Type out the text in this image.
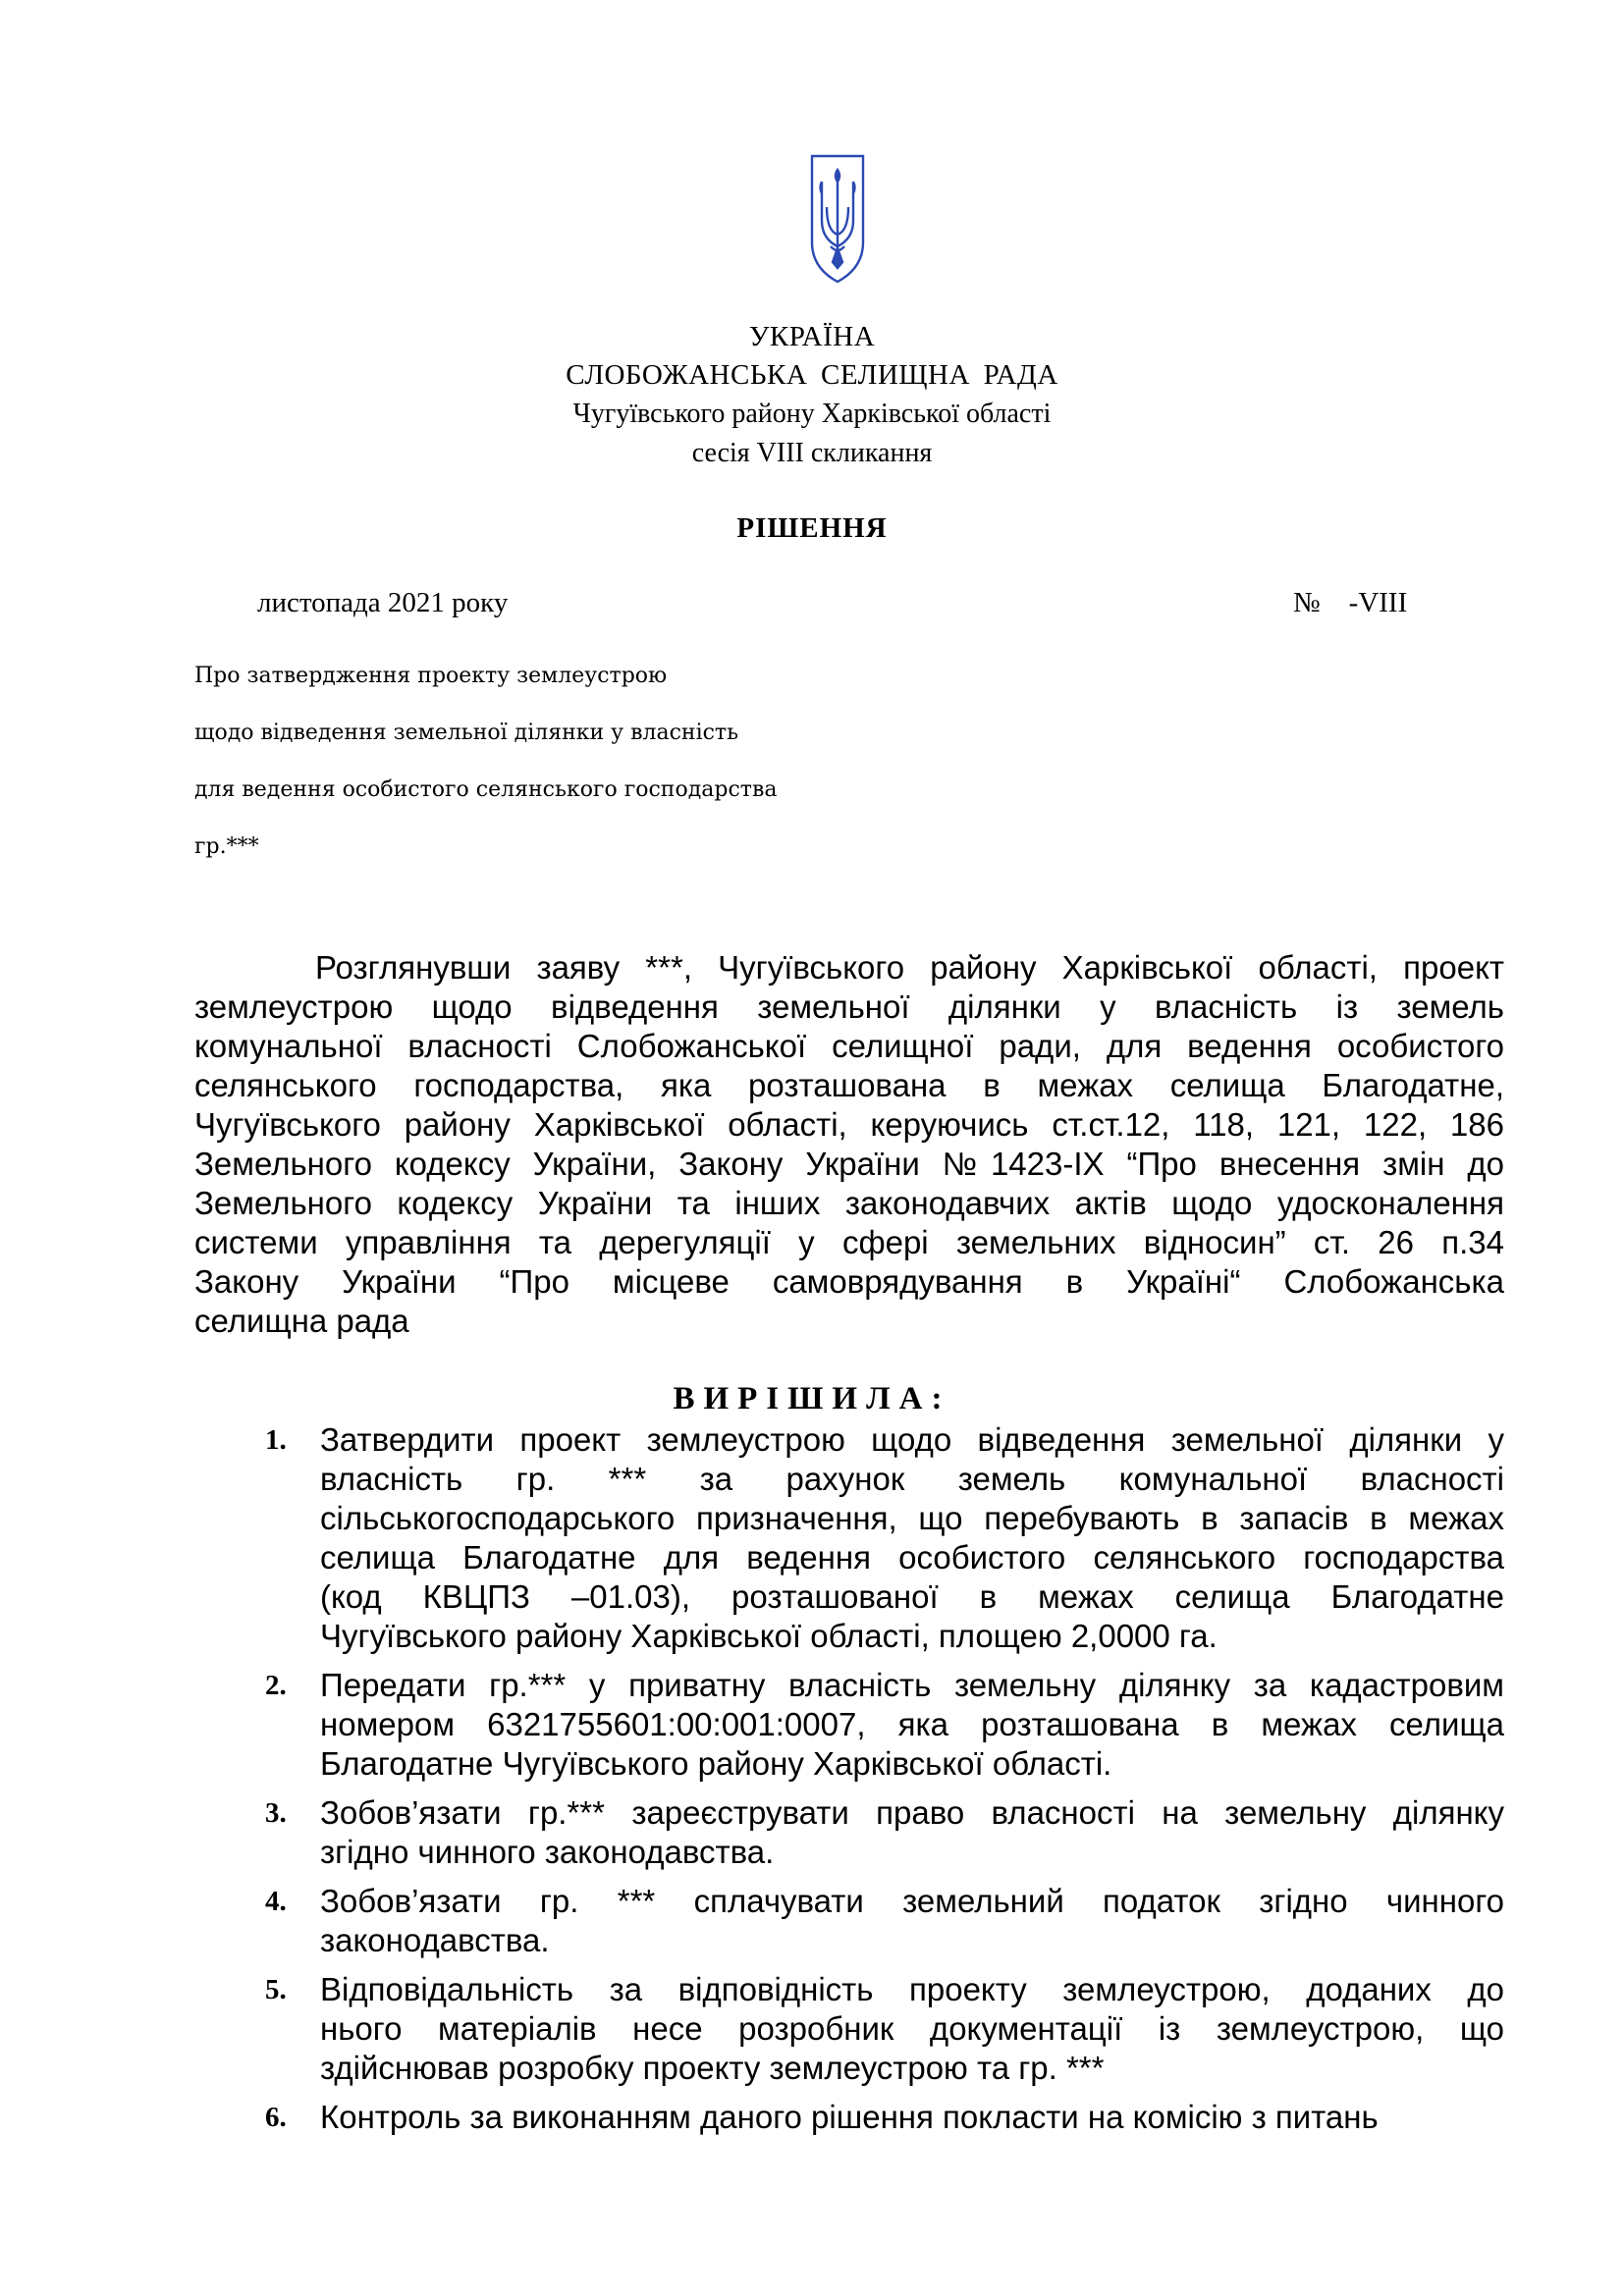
УКРАЇНА

СЛОБОЖАНСЬКА СЕЛИЩНА РАДА

Чугуївського району Харківської області

сесія VIII скликання

РІШЕННЯ

листопада 2021 року	№    -VIII
Про затвердження проекту землеустрою
щодо відведення земельної ділянки у власність
для ведення особистого селянського господарства
гр.***
Розглянувши заяву ***, Чугуївського району Харківської області, проект
землеустрою щодо відведення земельної ділянки у власність із земель
комунальної власності Слобожанської селищної ради, для ведення особистого
селянського господарства, яка розташована в межах селища Благодатне,
Чугуївського району Харківської області, керуючись ст.ст.12, 118, 121, 122, 186
Земельного кодексу України, Закону України №1423-IX “Про внесення змін до
Земельного кодексу України та інших законодавчих актів щодо удосконалення
системи управління та дерегуляції у сфері земельних відносин” ст. 26 п.34
Закону України “Про місцеве самоврядування в Україні“ Слобожанська
селищна рада
ВИРІШИЛА:
1. Затвердити проект землеустрою щодо відведення земельної ділянки у
власність гр. *** за рахунок земель комунальної власності
сільськогосподарського призначення, що перебувають в запасів в межах
селища Благодатне для ведення особистого селянського господарства
(код КВЦПЗ –01.03), розташованої в межах селища Благодатне
Чугуївського району Харківської області, площею 2,0000 га.
2. Передати гр.*** у приватну власність земельну ділянку за кадастровим
номером 6321755601:00:001:0007, яка розташована в межах селища
Благодатне Чугуївського району Харківської області.
3. Зобов’язати гр.*** зареєструвати право власності на земельну ділянку
згідно чинного законодавства.
4. Зобов’язати гр. *** сплачувати земельний податок згідно чинного
законодавства.
5. Відповідальність за відповідність проекту землеустрою, доданих до
нього матеріалів несе розробник документації із землеустрою, що
здійснював розробку проекту землеустрою та гр. ***
6. Контроль за виконанням даного рішення покласти на комісію з питань
